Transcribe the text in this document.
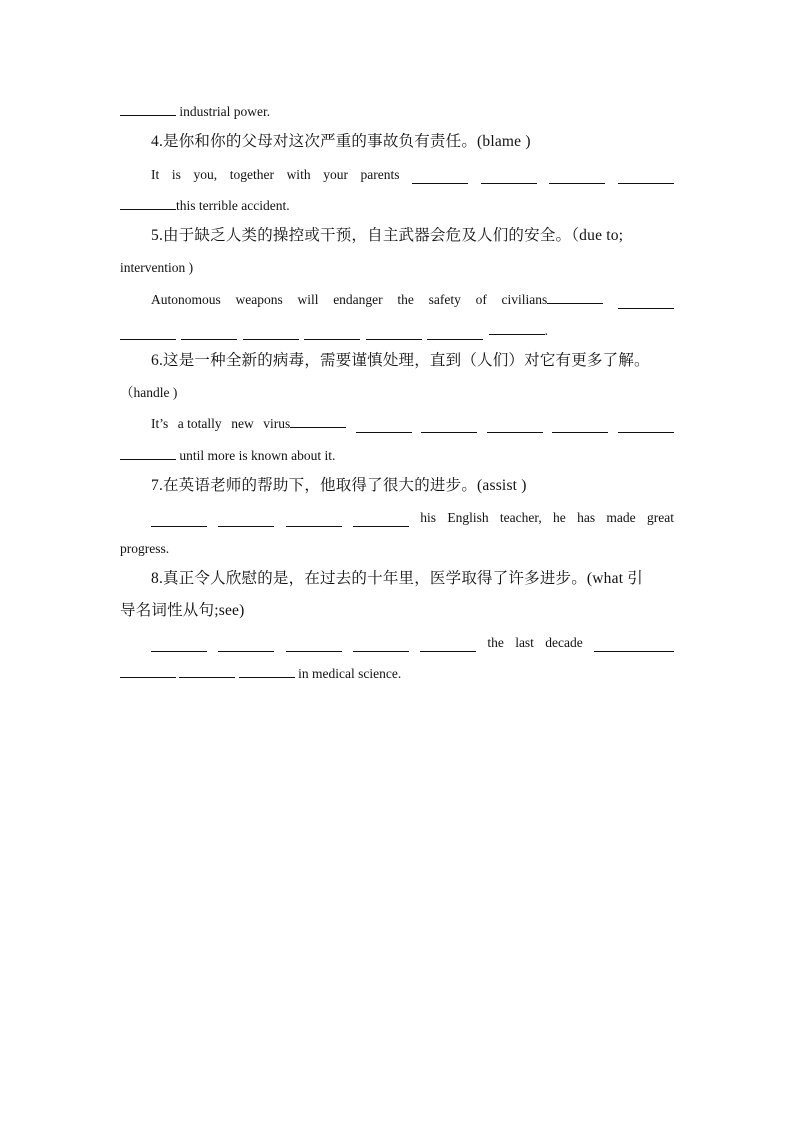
industrial power.
4.是你和你的父母对这次严重的事故负有责任。(blame )
It is you, together with your parents
this terrible accident.
5.由于缺乏人类的操控或干预，自主武器会危及人们的安全。（due to;
intervention )
Autonomous weapons will endanger the safety of civilians
.
6.这是一种全新的病毒，需要谨慎处理，直到（人们）对它有更多了解。
（handle )
It’s a totally new virus
until more is known about it.
7.在英语老师的帮助下，他取得了很大的进步。(assist )
his English teacher, he has made great
progress.
8.真正令人欣慰的是，在过去的十年里，医学取得了许多进步。(what 引
导名词性从句;see)
the last decade
in medical science.
